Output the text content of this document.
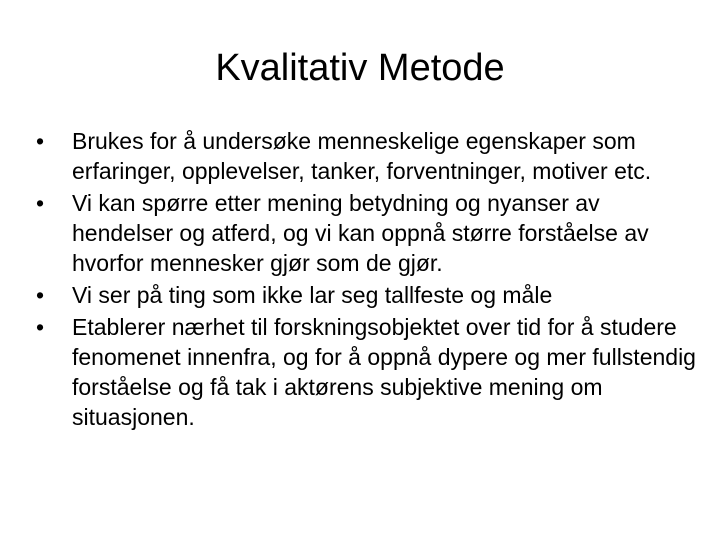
Kvalitativ Metode
•	Brukes for å undersøke menneskelige egenskaper som erfaringer, opplevelser, tanker, forventninger, motiver etc.
•	Vi kan spørre etter mening betydning og nyanser av hendelser og atferd, og vi kan oppnå større forståelse av hvorfor mennesker gjør som de gjør.
•	Vi ser på ting som ikke lar seg tallfeste og måle
•	Etablerer nærhet til forskningsobjektet over tid for å studere fenomenet innenfra, og for å oppnå dypere og mer fullstendig forståelse og få tak i aktørens subjektive mening om situasjonen.
